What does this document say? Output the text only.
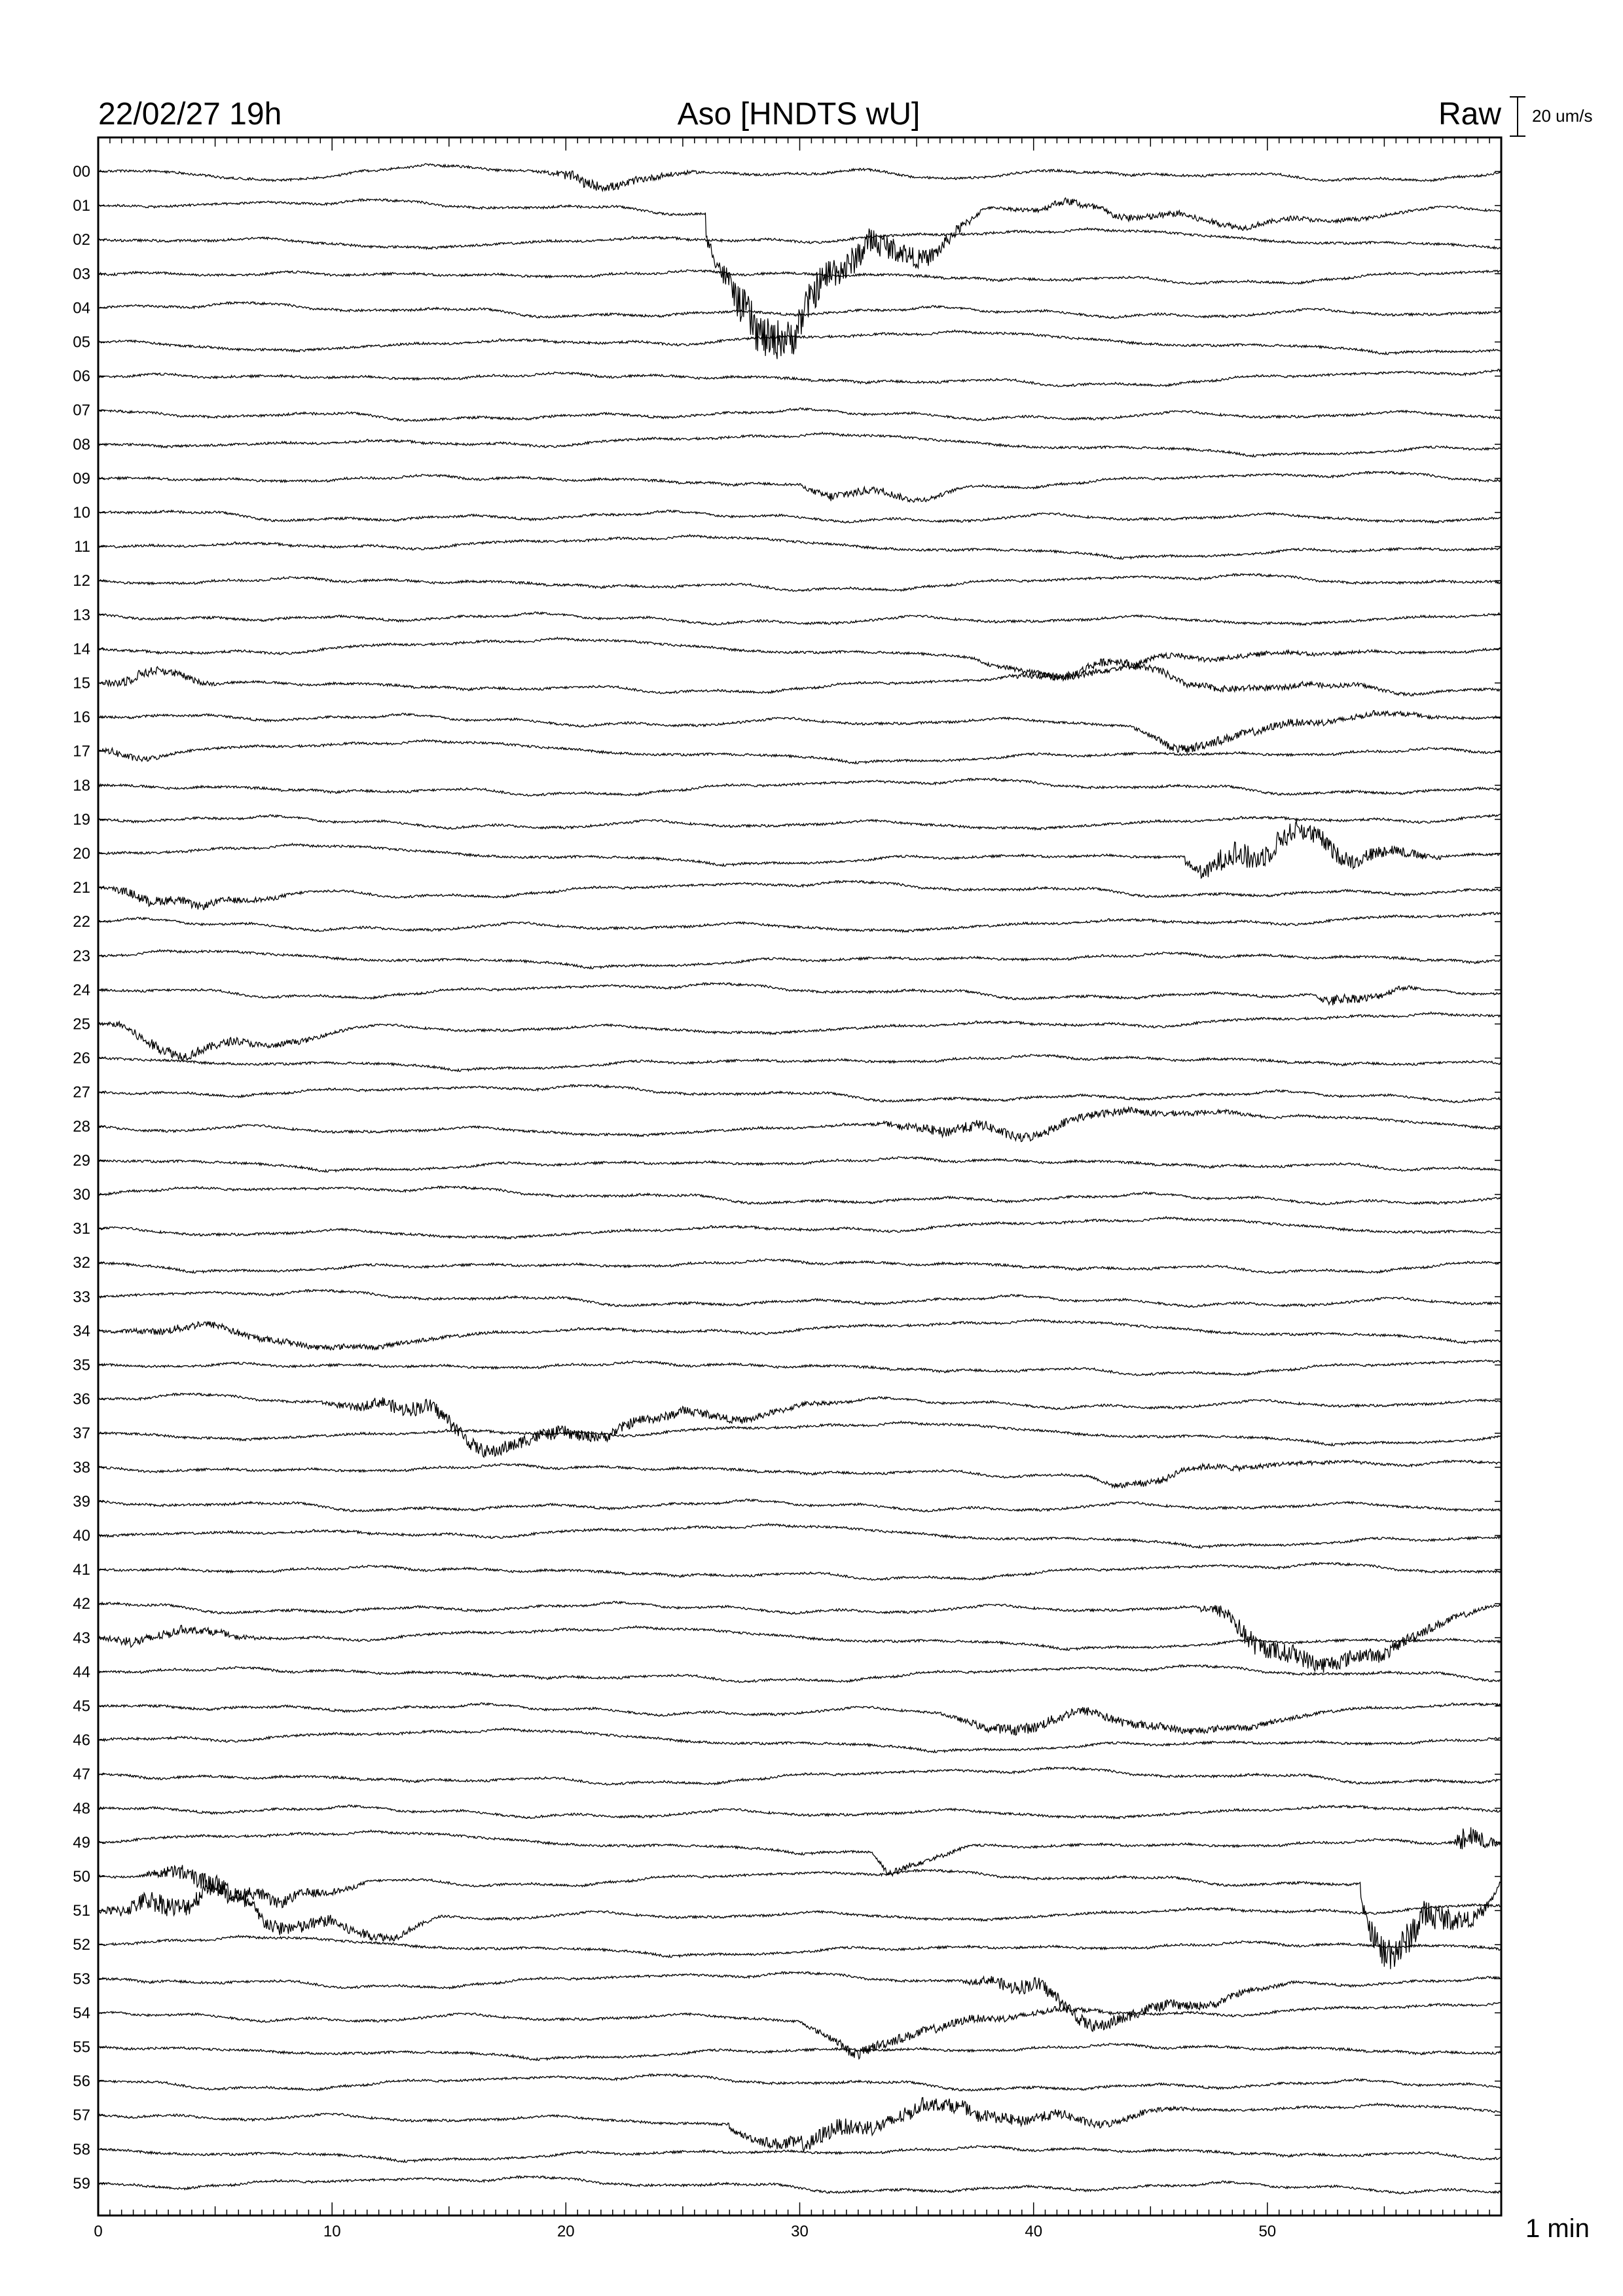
22/02/27 19h	Aso [HNDTS wU]	Raw 20 um/s
00
01
02
03
04
05
06
07
08
09
10
11
12
13
14
15
16
17
18
19
20
21
22
23
24
25
26
27
28
29
30
31
32
33
34
35
36
37
38
39
40
41
42
43
44
45
46
47
48
49
50
51
52
53
54
55
56
57
58
59
0	10	20	30	40	50	1 min
